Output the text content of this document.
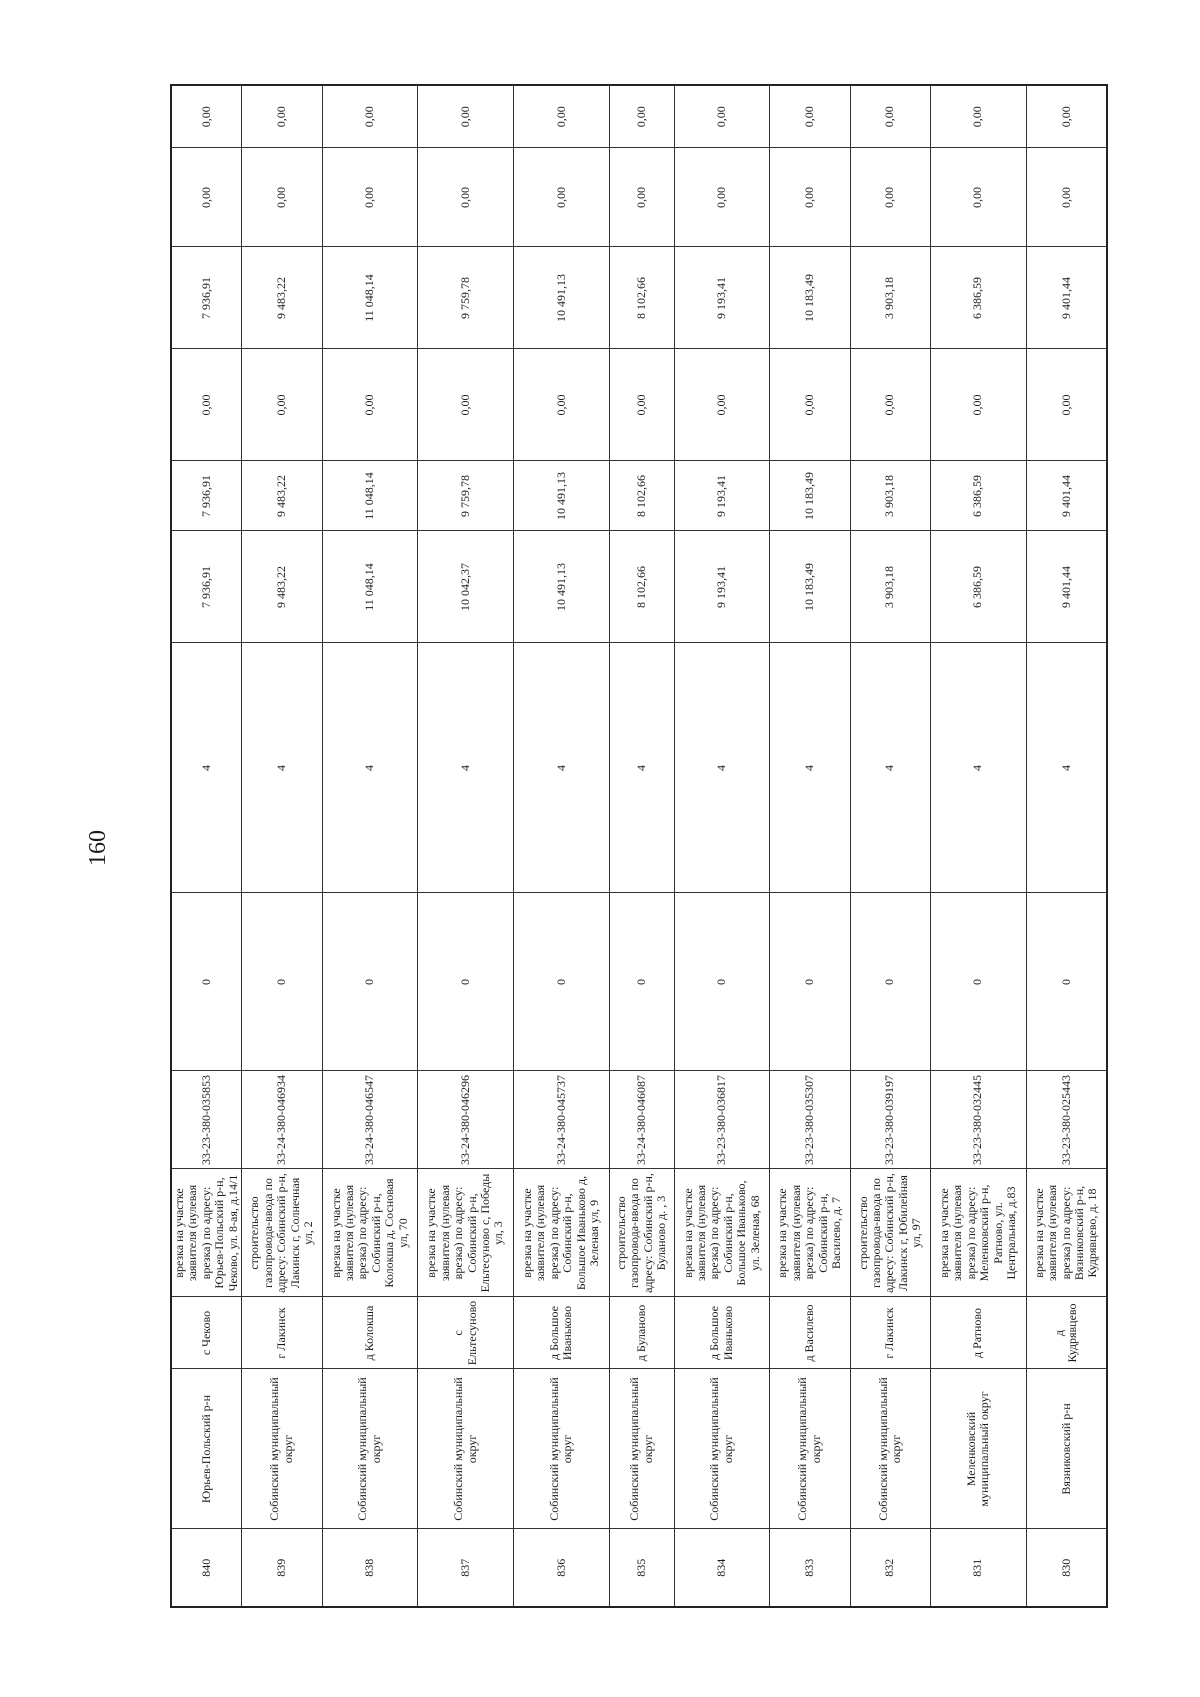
160
840	Юрьев-Польский р-н	с Чеково	врезка на участке заявителя (нулевая врезка) по адресу: Юрьев-Польский р-н, Чеково, ул. 8-ая, д.14/1	33-23-380-035853	0	4	7 936,91	7 936,91	0,00	7 936,91	0,00	0,00
839	Собинский муниципальный округ	г Лакинск	строительство газопровода-ввода по адресу: Собинский р-н, Лакинск г, Солнечная ул, 2	33-24-380-046934	0	4	9 483,22	9 483,22	0,00	9 483,22	0,00	0,00
838	Собинский муниципальный округ	д Колокша	врезка на участке заявителя (нулевая врезка) по адресу: Собинский р-н, Колокша д, Сосновая ул, 70	33-24-380-046547	0	4	11 048,14	11 048,14	0,00	11 048,14	0,00	0,00
837	Собинский муниципальный округ	с Ельтесуново	врезка на участке заявителя (нулевая врезка) по адресу: Собинский р-н, Ельтесуново с, Победы ул, 3	33-24-380-046296	0	4	10 042,37	9 759,78	0,00	9 759,78	0,00	0,00
836	Собинский муниципальный округ	д Большое Иваньково	врезка на участке заявителя (нулевая врезка) по адресу: Собинский р-н, Большое Иваньково д, Зеленая ул, 9	33-24-380-045737	0	4	10 491,13	10 491,13	0,00	10 491,13	0,00	0,00
835	Собинский муниципальный округ	д Буланово	строительство газопровода-ввода по адресу: Собинский р-н, Буланово д. , 3	33-24-380-046087	0	4	8 102,66	8 102,66	0,00	8 102,66	0,00	0,00
834	Собинский муниципальный округ	д Большое Иваньково	врезка на участке заявителя (нулевая врезка) по адресу: Собинский р-н, Большое Иваньково, ул. Зеленая, 68	33-23-380-036817	0	4	9 193,41	9 193,41	0,00	9 193,41	0,00	0,00
833	Собинский муниципальный округ	д Василево	врезка на участке заявителя (нулевая врезка) по адресу: Собинский р-н, Василево, д. 7	33-23-380-035307	0	4	10 183,49	10 183,49	0,00	10 183,49	0,00	0,00
832	Собинский муниципальный округ	г Лакинск	строительство газопровода-ввода по адресу: Собинский р-н, Лакинск г, Юбилейная ул, 97	33-23-380-039197	0	4	3 903,18	3 903,18	0,00	3 903,18	0,00	0,00
831	Меленковский муниципальный округ	д Ратново	врезка на участке заявителя (нулевая врезка) по адресу: Меленковский р-н, Ратново, ул. Центральная, д.83	33-23-380-032445	0	4	6 386,59	6 386,59	0,00	6 386,59	0,00	0,00
830	Вязниковский р-н	д Кудрявцево	врезка на участке заявителя (нулевая врезка) по адресу: Вязниковский р-н, Кудрявцево, д. 18	33-23-380-025443	0	4	9 401,44	9 401,44	0,00	9 401,44	0,00	0,00
